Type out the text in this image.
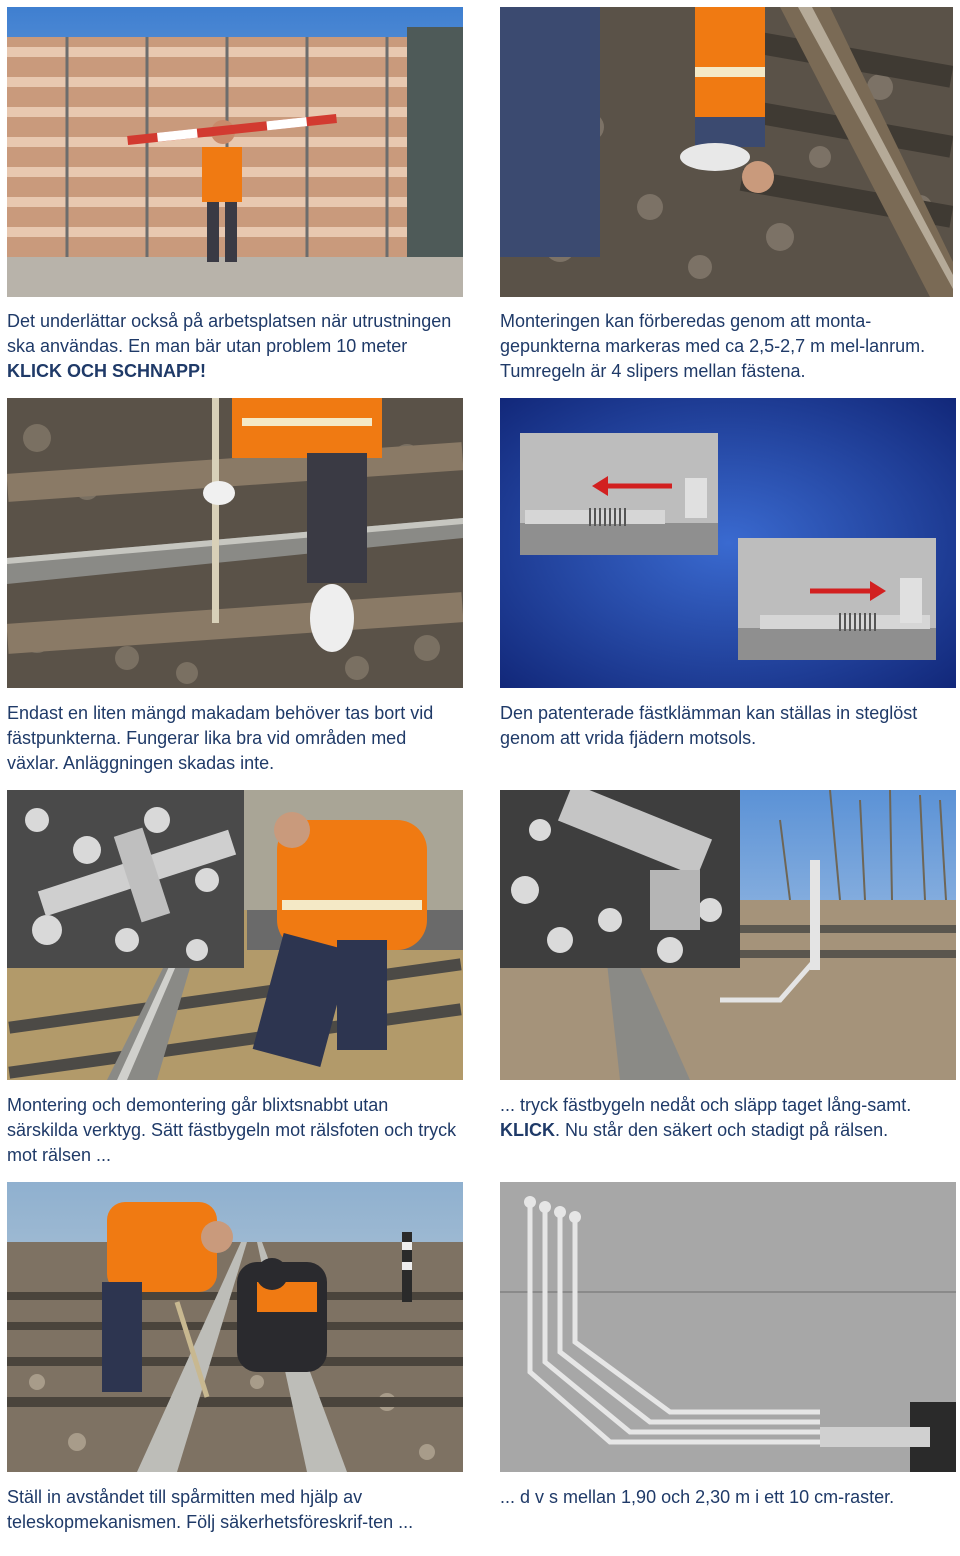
Det underlättar också på arbetsplatsen när utrustningen ska användas. En man bär utan problem 10 meter KLICK OCH SCHNAPP!

Monteringen kan förberedas genom att monta-gepunkterna markeras med ca 2,5-2,7 m mel-lanrum. Tumregeln är 4 slipers mellan fästena.

Endast en liten mängd makadam behöver tas bort vid fästpunkterna. Fungerar lika bra vid områden med växlar. Anläggningen skadas inte.

Den patenterade fästklämman kan ställas in steglöst genom att vrida fjädern motsols.

Montering och demontering går blixtsnabbt utan särskilda verktyg. Sätt fästbygeln mot rälsfoten och tryck mot rälsen ...

... tryck fästbygeln nedåt och släpp taget lång-samt. KLICK. Nu står den säkert och stadigt på rälsen.

Ställ in avståndet till spårmitten med hjälp av teleskopmekanismen. Följ säkerhetsföreskrif-ten ...

... d v s mellan 1,90 och 2,30 m i ett 10 cm-raster.
